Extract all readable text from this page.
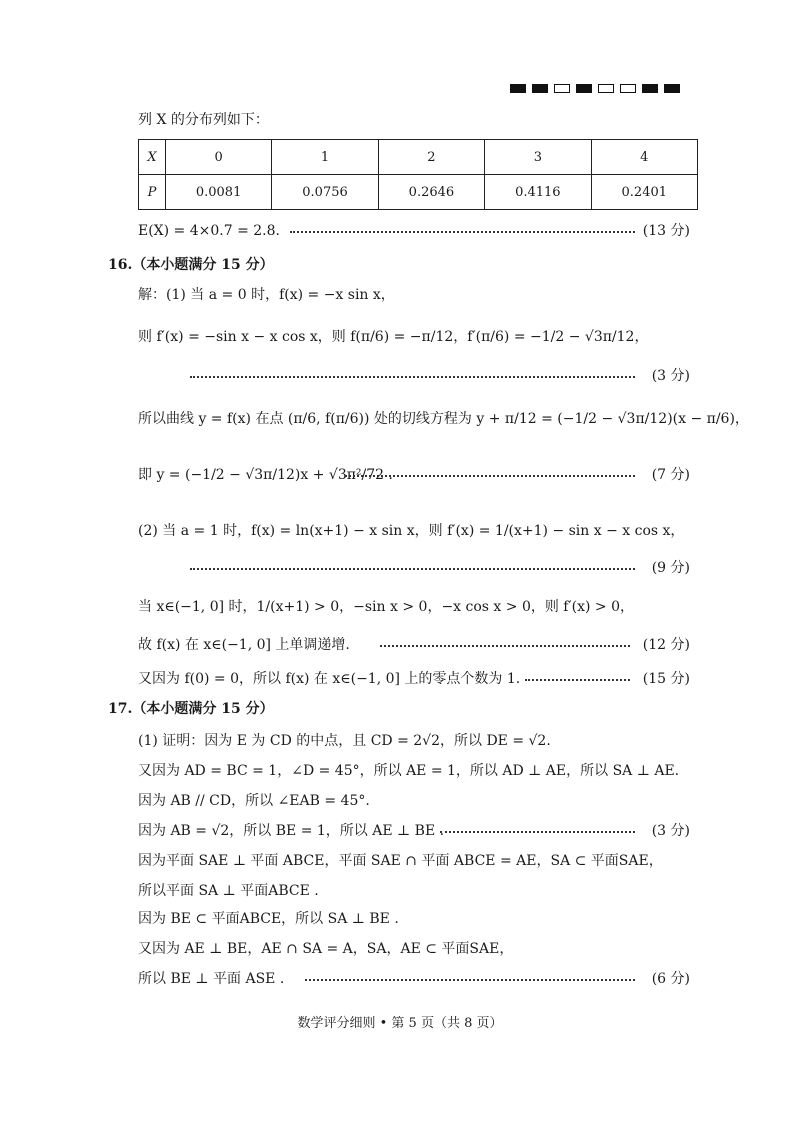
列 X 的分布列如下：
X	0	1	2	3	4
P	0.0081	0.0756	0.2646	0.4116	0.2401
E(X) = 4×0.7 = 2.8.	(13 分)
16.（本小题满分 15 分）
解：(1) 当 a = 0 时，f(x) = −x sin x，
则 f′(x) = −sin x − x cos x，则 f(π/6) = −π/12，f′(π/6) = −1/2 − √3π/12，
(3 分)
所以曲线 y = f(x) 在点 (π/6, f(π/6)) 处的切线方程为 y + π/12 = (−1/2 − √3π/12)(x − π/6)，
即 y = (−1/2 − √3π/12)x + √3π²/72 .	(7 分)
(2) 当 a = 1 时，f(x) = ln(x+1) − x sin x，则 f′(x) = 1/(x+1) − sin x − x cos x，
(9 分)
当 x∈(−1, 0] 时，1/(x+1) > 0，−sin x > 0，−x cos x > 0，则 f′(x) > 0，
故 f(x) 在 x∈(−1, 0] 上单调递增.	(12 分)
又因为 f(0) = 0，所以 f(x) 在 x∈(−1, 0] 上的零点个数为 1.	(15 分)
17.（本小题满分 15 分）
(1) 证明：因为 E 为 CD 的中点，且 CD = 2√2，所以 DE = √2.
又因为 AD = BC = 1，∠D = 45°，所以 AE = 1，所以 AD ⊥ AE，所以 SA ⊥ AE.
因为 AB // CD，所以 ∠EAB = 45°.
因为 AB = √2，所以 BE = 1，所以 AE ⊥ BE .	(3 分)
因为平面 SAE ⊥ 平面 ABCE，平面 SAE ∩ 平面 ABCE = AE，SA ⊂ 平面SAE，
所以平面 SA ⊥ 平面ABCE .
因为 BE ⊂ 平面ABCE，所以 SA ⊥ BE .
又因为 AE ⊥ BE，AE ∩ SA = A，SA，AE ⊂ 平面SAE，
所以 BE ⊥ 平面 ASE .	(6 分)
数学评分细则 • 第 5 页（共 8 页）
